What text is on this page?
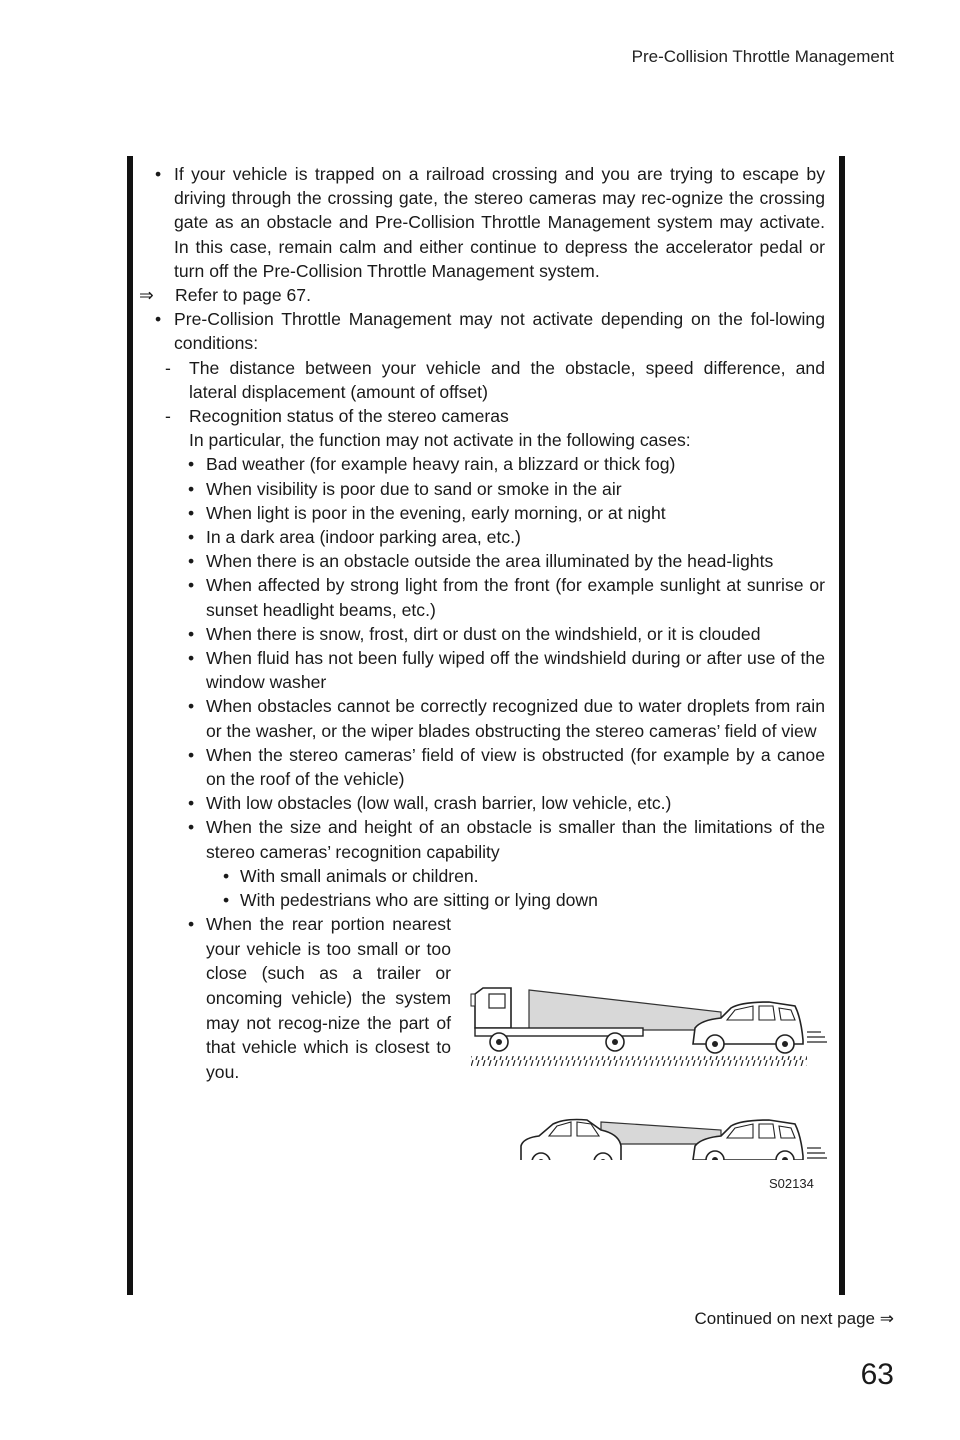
Pre-Collision Throttle Management
• If your vehicle is trapped on a railroad crossing and you are trying to escape by driving through the crossing gate, the stereo cameras may rec-ognize the crossing gate as an obstacle and Pre-Collision Throttle Management system may activate. In this case, remain calm and either continue to depress the accelerator pedal or turn off the Pre-Collision Throttle Management system.
⇒ Refer to page 67.
• Pre-Collision Throttle Management may not activate depending on the fol-lowing conditions:
- The distance between your vehicle and the obstacle, speed difference, and lateral displacement (amount of offset)
- Recognition status of the stereo cameras
In particular, the function may not activate in the following cases:
• Bad weather (for example heavy rain, a blizzard or thick fog)
• When visibility is poor due to sand or smoke in the air
• When light is poor in the evening, early morning, or at night
• In a dark area (indoor parking area, etc.)
• When there is an obstacle outside the area illuminated by the head-lights
• When affected by strong light from the front (for example sunlight at sunrise or sunset headlight beams, etc.)
• When there is snow, frost, dirt or dust on the windshield, or it is clouded
• When fluid has not been fully wiped off the windshield during or after use of the window washer
• When obstacles cannot be correctly recognized due to water droplets from rain or the washer, or the wiper blades obstructing the stereo cameras’ field of view
• When the stereo cameras’ field of view is obstructed (for example by a canoe on the roof of the vehicle)
• With low obstacles (low wall, crash barrier, low vehicle, etc.)
• When the size and height of an obstacle is smaller than the limitations of the stereo cameras’ recognition capability
• With small animals or children.
• With pedestrians who are sitting or lying down
• When the rear portion nearest your vehicle is too small or too close (such as a trailer or oncoming vehicle) the system may not recog-nize the part of that vehicle which is closest to you.
S02134
Continued on next page ⇒
63
